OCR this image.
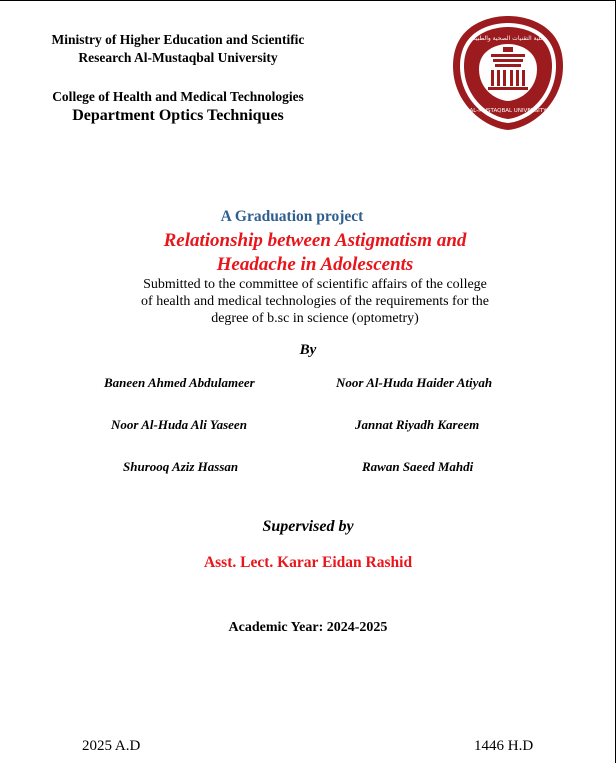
Ministry of Higher Education and Scientific
Research Al-Mustaqbal University
College of Health and Medical Technologies
Department Optics Techniques
كلية التقنيات الصحية والطبية
AL-MUSTAQBAL UNIVERSITY
A Graduation project
Relationship between Astigmatism and
Headache in Adolescents
Submitted to the committee of scientific affairs of the college
of health and medical technologies of the requirements for the
degree of b.sc in science (optometry)
By
Baneen Ahmed Abdulameer	Noor Al-Huda Haider Atiyah
Noor Al-Huda Ali Yaseen	Jannat Riyadh Kareem
Shurooq Aziz Hassan	Rawan Saeed Mahdi
Supervised by
Asst. Lect. Karar Eidan Rashid
Academic Year: 2024-2025
2025 A.D	1446 H.D
